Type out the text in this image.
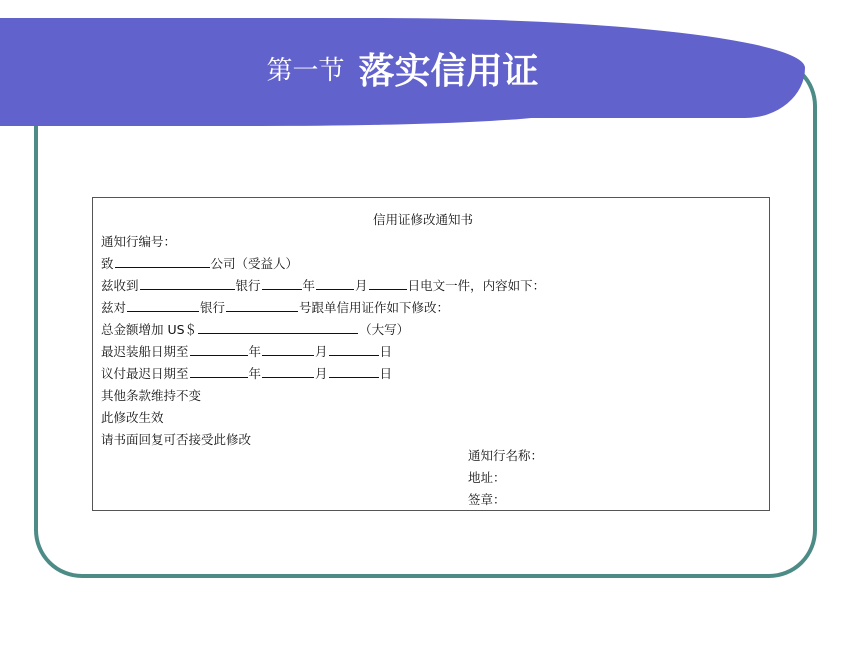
第一节 落实信用证
信用证修改通知书
通知行编号：
致	公司（受益人）
兹收到	银行	年	月	日电文一件，内容如下：
兹对	银行	号跟单信用证作如下修改：
总金额增加 US＄	（大写）
最迟装船日期至	年	月	日
议付最迟日期至	年	月	日
其他条款维持不变
此修改生效
请书面回复可否接受此修改
通知行名称：
地址：
签章：
